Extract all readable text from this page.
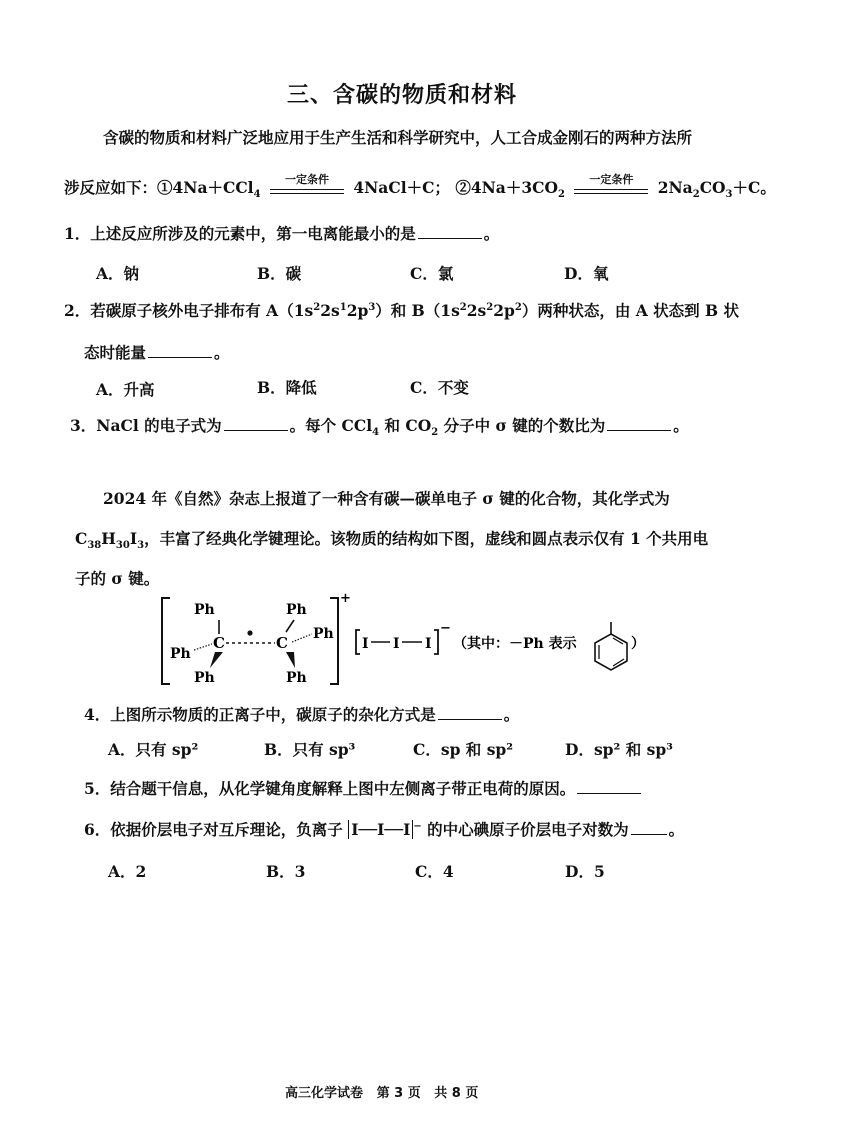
三、含碳的物质和材料
含碳的物质和材料广泛地应用于生产生活和科学研究中，人工合成金刚石的两种方法所
涉反应如下：①4Na＋CCl$_4$
一定条件	4NaCl＋C； $②4Na+3CO_2$
一定条件	$2Na_2CO_3+C$。
1．上述反应所涉及的元素中，第一电离能最小的是	。
A．钠	B．碳	C．氯	D．氧
2．若碳原子核外电子排布有 $A(1s^22s^12p^3)$和 $B(1s^22s^22p^2)$两种状态，由 A 状态到 B 状
态时能量	。
A．升高	B．降低	C．不变
3．NaCl 的电子式为	。每个 CCl$_4$ 和 $CO_2$ 分子中 σ 键的个数比为	。
2024 年《自然》杂志上报道了一种含有碳—碳单电子 σ 键的化合物，其化学式为
$C_{38}H_{30}I_3$，丰富了经典化学键理论。该物质的结构如下图，虚线和圆点表示仅有 1 个共用电
子的 σ 键。
+
C
Ph
Ph
Ph
C
Ph
Ph
Ph
I I I
−
（其中：－Ph 表示	）
4．上图所示物质的正离子中，碳原子的杂化方式是	。
A．只有 sp²	B．只有 sp³	C．sp 和 sp²	D．sp² 和 sp³
5．结合题干信息，从化学键角度解释上图中左侧离子带正电荷的原因。
6．依据价层电子对互斥理论，负离子 I──I──I − 的中心碘原子价层电子对数为	。
A．2	B．3	C．4	D．5
高三化学试卷 第 3 页 共 8 页
